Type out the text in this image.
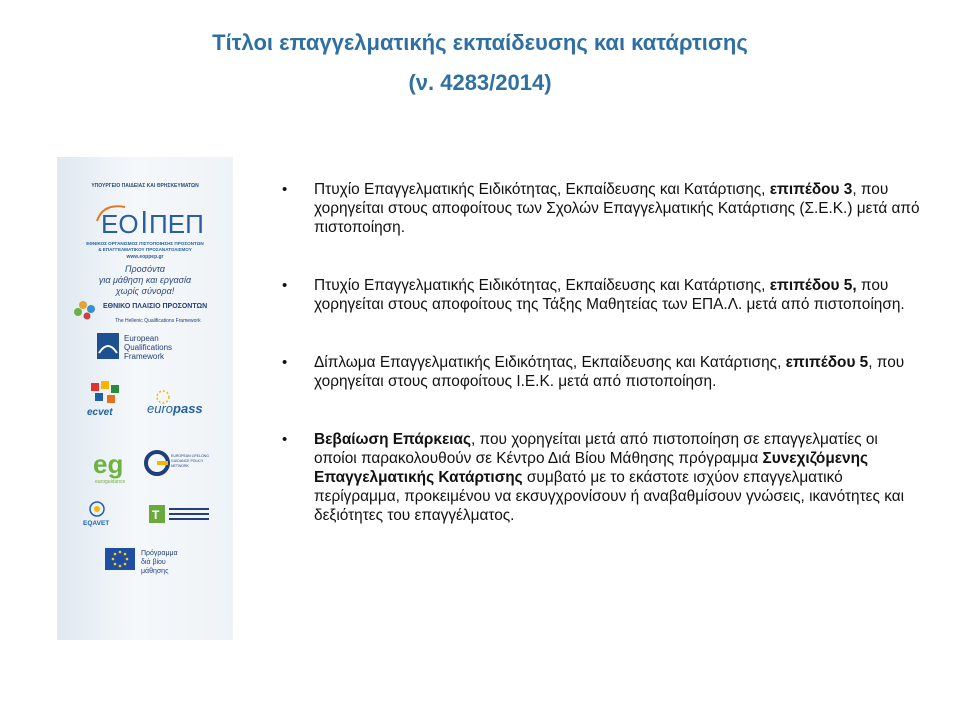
Τίτλοι επαγγελματικής εκπαίδευσης και κατάρτισης
(ν. 4283/2014)
ΥΠΟΥΡΓΕΙΟ ΠΑΙΔΕΙΑΣ ΚΑΙ ΘΡΗΣΚΕΥΜΑΤΩΝ
ΕΟ ΠΕΠ
ΕΘΝΙΚΟΣ ΟΡΓΑΝΙΣΜΟΣ ΠΙΣΤΟΠΟΙΗΣΗΣ ΠΡΟΣΟΝΤΩΝ
& ΕΠΑΓΓΕΛΜΑΤΙΚΟΥ ΠΡΟΣΑΝΑΤΟΛΙΣΜΟΥ
www.eoppep.gr
Προσόντα
για μάθηση και εργασία
χωρίς σύνορα!
ΕΘΝΙΚΟ ΠΛΑΙΣΙΟ ΠΡΟΣΟΝΤΩΝ
The Hellenic Qualifications Framework
European
Qualifications
Framework
ecvet	europass
eg
euroguidance
EUROPEAN LIFELONG
GUIDANCE POLICY
NETWORK
EQAVET
T
Πρόγραμμα
διά βίου
μάθησης
• Πτυχίο Επαγγελματικής Ειδικότητας, Εκπαίδευσης και Κατάρτισης, επιπέδου 3, που χορηγείται στους αποφοίτους των Σχολών Επαγγελματικής Κατάρτισης (Σ.Ε.Κ.) μετά από πιστοποίηση.
• Πτυχίο Επαγγελματικής Ειδικότητας, Εκπαίδευσης και Κατάρτισης, επιπέδου 5, που χορηγείται στους αποφοίτους της Τάξης Μαθητείας των ΕΠΑ.Λ. μετά από πιστοποίηση.
• Δίπλωμα Επαγγελματικής Ειδικότητας, Εκπαίδευσης και Κατάρτισης, επιπέδου 5, που χορηγείται στους αποφοίτους Ι.Ε.Κ. μετά από πιστοποίηση.
• Βεβαίωση Επάρκειας, που χορηγείται μετά από πιστοποίηση σε επαγγελματίες οι οποίοι παρακολουθούν σε Κέντρο Διά Βίου Μάθησης πρόγραμμα Συνεχιζόμενης Επαγγελματικής Κατάρτισης συμβατό με το εκάστοτε ισχύον επαγγελματικό περίγραμμα, προκειμένου να εκσυγχρονίσουν ή αναβαθμίσουν γνώσεις, ικανότητες και δεξιότητες του επαγγέλματος.
